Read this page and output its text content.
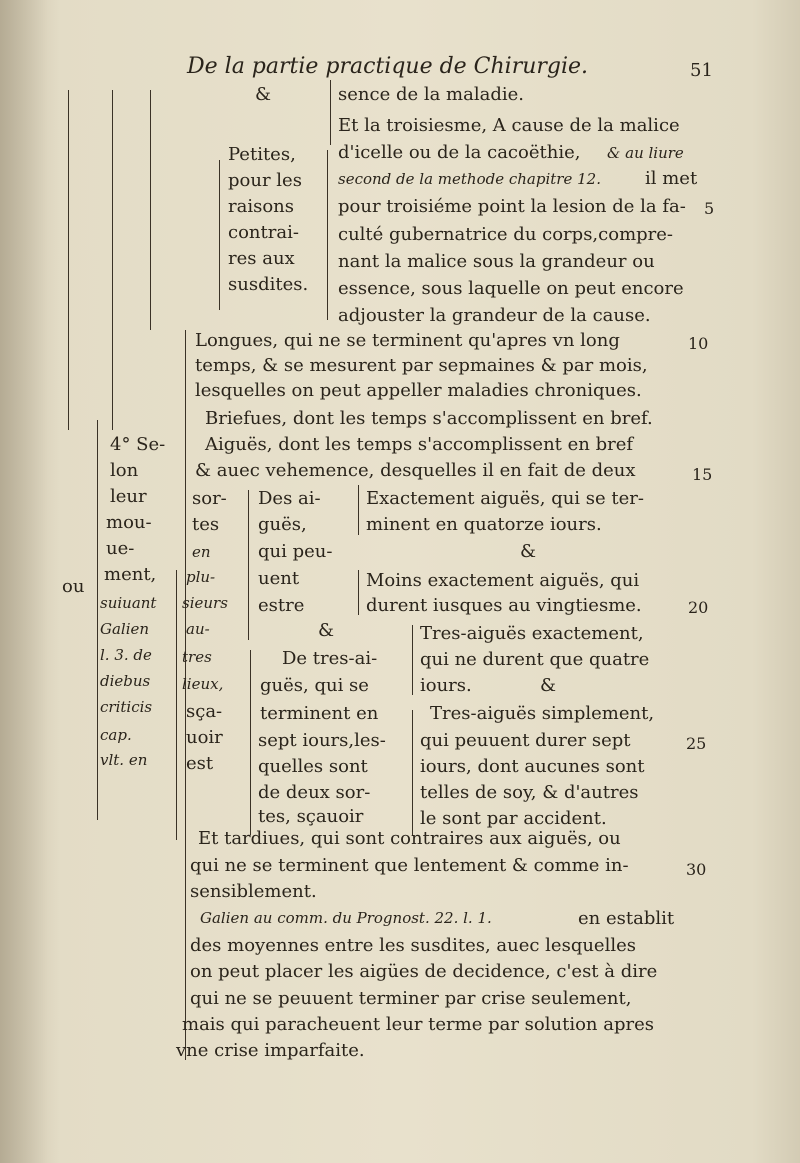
De la partie practique de Chirurgie.	51
&	sence de la maladie.
Et la troisiesme, A cause de la malice
d'icelle ou de la cacoëthie, & au liure
second de la methode chapitre 12. il met
pour troisiéme point la lesion de la fa-
culté gubernatrice du corps,compre-
nant la malice sous la grandeur ou
essence, sous laquelle on peut encore
adjouster la grandeur de la cause.
Petites,
pour les
raisons
contrai-
res aux
susdites.
Longues, qui ne se terminent qu'apres vn long
temps, & se mesurent par sepmaines & par mois,
lesquelles on peut appeller maladies chroniques.
Briefues, dont les temps s'accomplissent en bref.
Aiguës, dont les temps s'accomplissent en bref
& auec vehemence, desquelles il en fait de deux
Exactement aiguës, qui se ter-
minent en quatorze iours.
&
Moins exactement aiguës, qui
durent iusques au vingtiesme.
&	Tres-aiguës exactement,
qui ne durent que quatre
iours.	&
Tres-aiguës simplement,
qui peuuent durer sept
iours, dont aucunes sont
telles de soy, & d'autres
le sont par accident.
Et tardiues, qui sont contraires aux aiguës, ou
qui ne se terminent que lentement & comme in-
sensiblement.
sor-
tes
Des ai-
guës,
qui peu-
uent
estre
en
plu-
sieurs
au-
tres
lieux,
sça-
uoir
est
De tres-ai-
guës, qui se
terminent en
sept iours,les-
quelles sont
de deux sor-
tes, sçauoir
4° Se-
lon
leur
mou-
ue-
ment,
ou
suiuant
Galien
l. 3. de
diebus
criticis
cap.
vlt. en
Galien au comm. du Prognost. 22. l. 1.	en establit
des moyennes entre les susdites, auec lesquelles
on peut placer les aigües de decidence, c'est à dire
qui ne se peuuent terminer par crise seulement,
mais qui paracheuent leur terme par solution apres
vne crise imparfaite.
5
10
15
20
25
30
